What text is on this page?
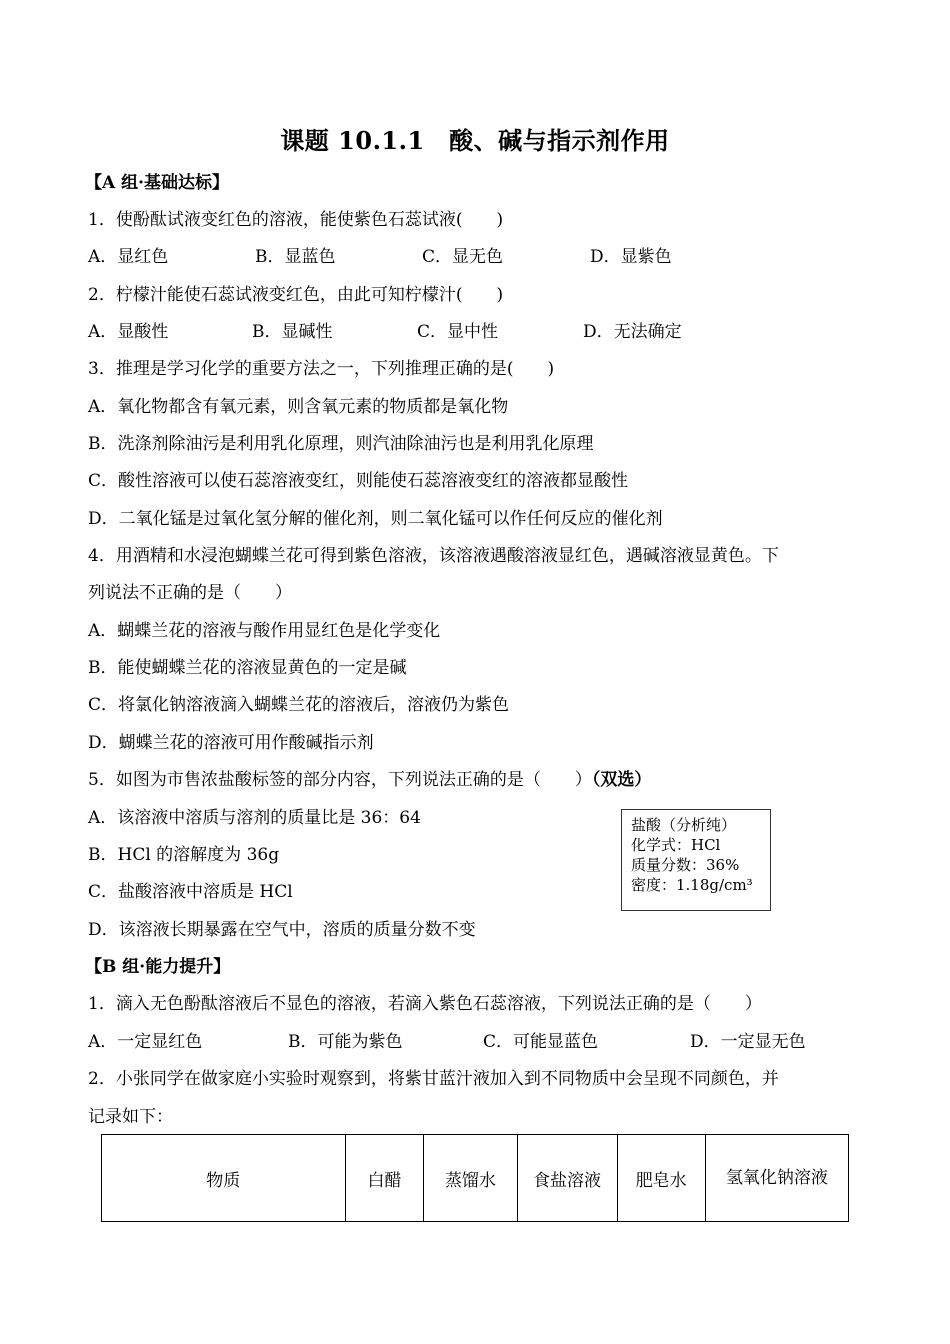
课题 10.1.1　酸、碱与指示剂作用
【A 组·基础达标】
1．使酚酞试液变红色的溶液，能使紫色石蕊试液(　　)
A．显红色	B．显蓝色	C．显无色	D．显紫色
2．柠檬汁能使石蕊试液变红色，由此可知柠檬汁(　　)
A．显酸性	B．显碱性	C．显中性	D．无法确定
3．推理是学习化学的重要方法之一，下列推理正确的是(　　)
A．氧化物都含有氧元素，则含氧元素的物质都是氧化物
B．洗涤剂除油污是利用乳化原理，则汽油除油污也是利用乳化原理
C．酸性溶液可以使石蕊溶液变红，则能使石蕊溶液变红的溶液都显酸性
D．二氧化锰是过氧化氢分解的催化剂，则二氧化锰可以作任何反应的催化剂
4．用酒精和水浸泡蝴蝶兰花可得到紫色溶液，该溶液遇酸溶液显红色，遇碱溶液显黄色。下
列说法不正确的是（　　）
A．蝴蝶兰花的溶液与酸作用显红色是化学变化
B．能使蝴蝶兰花的溶液显黄色的一定是碱
C．将氯化钠溶液滴入蝴蝶兰花的溶液后，溶液仍为紫色
D．蝴蝶兰花的溶液可用作酸碱指示剂
5．如图为市售浓盐酸标签的部分内容，下列说法正确的是（　　）（双选）
A．该溶液中溶质与溶剂的质量比是 36：64
B．HCl 的溶解度为 36g
C．盐酸溶液中溶质是 HCl
D．该溶液长期暴露在空气中，溶质的质量分数不变
盐酸（分析纯）
化学式：HCl
质量分数：36%
密度：1.18g/cm³
【B 组·能力提升】
1．滴入无色酚酞溶液后不显色的溶液，若滴入紫色石蕊溶液，下列说法正确的是（　　）
A．一定显红色	B．可能为紫色	C．可能显蓝色	D．一定显无色
2．小张同学在做家庭小实验时观察到，将紫甘蓝汁液加入到不同物质中会呈现不同颜色，并
记录如下：
物质	白醋	蒸馏水	食盐溶液	肥皂水	氢氧化钠溶液
